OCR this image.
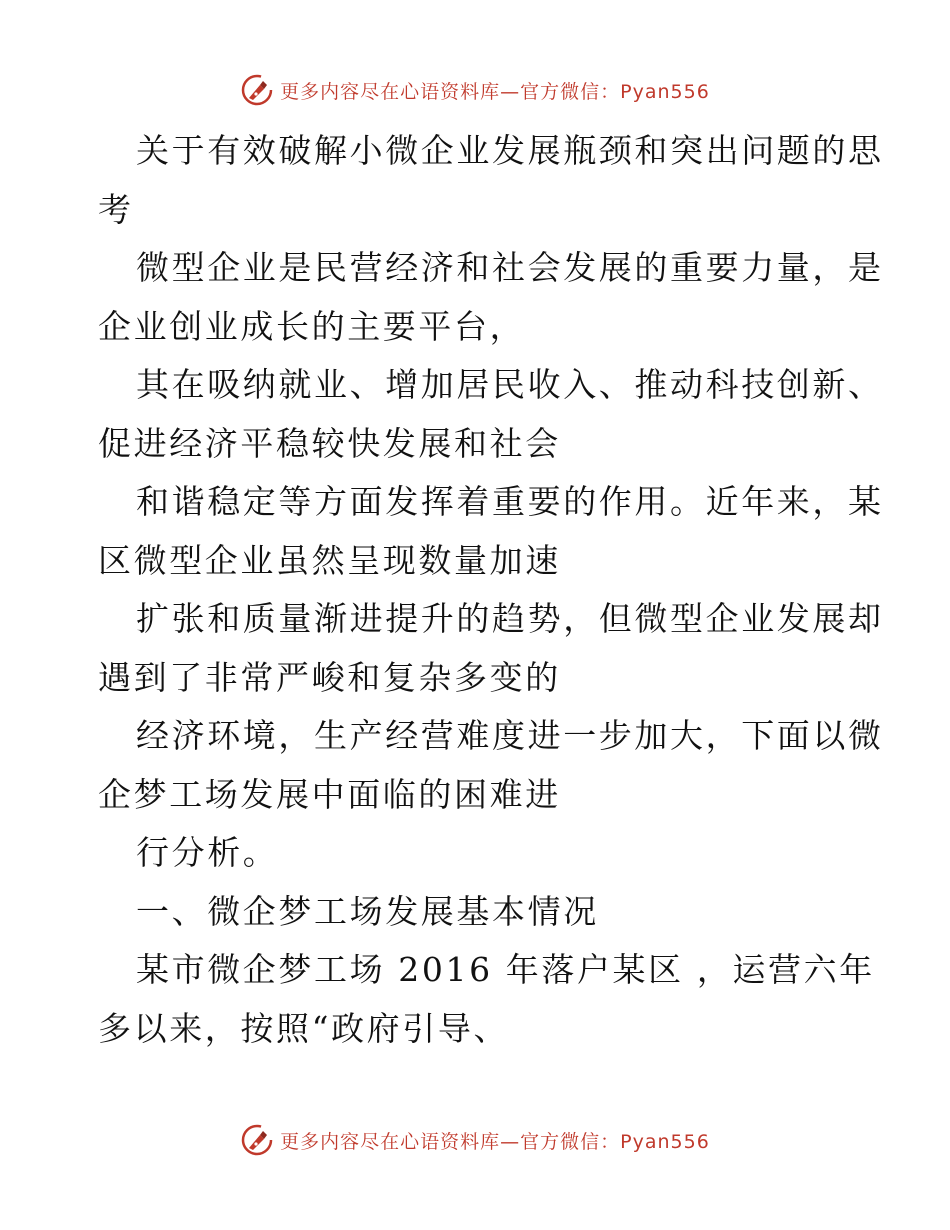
更多内容尽在心语资料库—官方微信：Pyan556
关于有效破解小微企业发展瓶颈和突出问题的思
考
微型企业是民营经济和社会发展的重要力量，是
企业创业成长的主要平台，
其在吸纳就业、增加居民收入、推动科技创新、
促进经济平稳较快发展和社会
和谐稳定等方面发挥着重要的作用。近年来，某
区微型企业虽然呈现数量加速
扩张和质量渐进提升的趋势，但微型企业发展却
遇到了非常严峻和复杂多变的
经济环境，生产经营难度进一步加大，下面以微
企梦工场发展中面临的困难进
行分析。
一、微企梦工场发展基本情况
某市微企梦工场 2016 年落户某区 ，运营六年
多以来，按照“政府引导、
更多内容尽在心语资料库—官方微信：Pyan556
